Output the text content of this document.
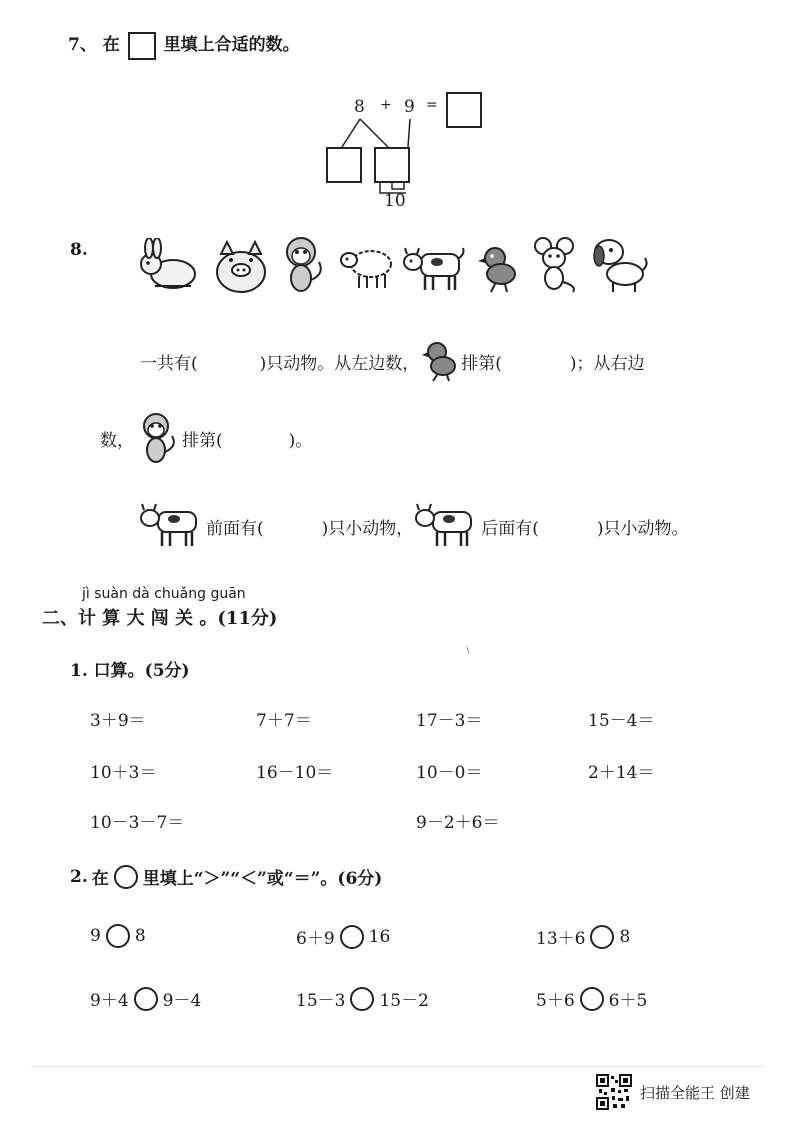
7、 在	里填上合适的数。
8 + 9 =
10
8.
一共有(	)只动物。从左边数， 排第(	)；从右边
数，	排第(	)。
前面有(	)只小动物，	后面有(	)只小动物。
jì suàn dà chuǎng guān
二、计 算 大 闯 关 。(11分)
﹨
1. 口算。(5分)
3＋9＝	7＋7＝	17－3＝	15－4＝
10＋3＝	16－10＝	10－0＝	2＋14＝
10－3－7＝	9－2＋6＝
2. 在 里填上“＞”“＜”或“＝”。(6分)
9 8	6＋9 16	13＋6 8
9＋4 9－4	15－3 15－2	5＋6 6＋5
扫描全能王 创建
